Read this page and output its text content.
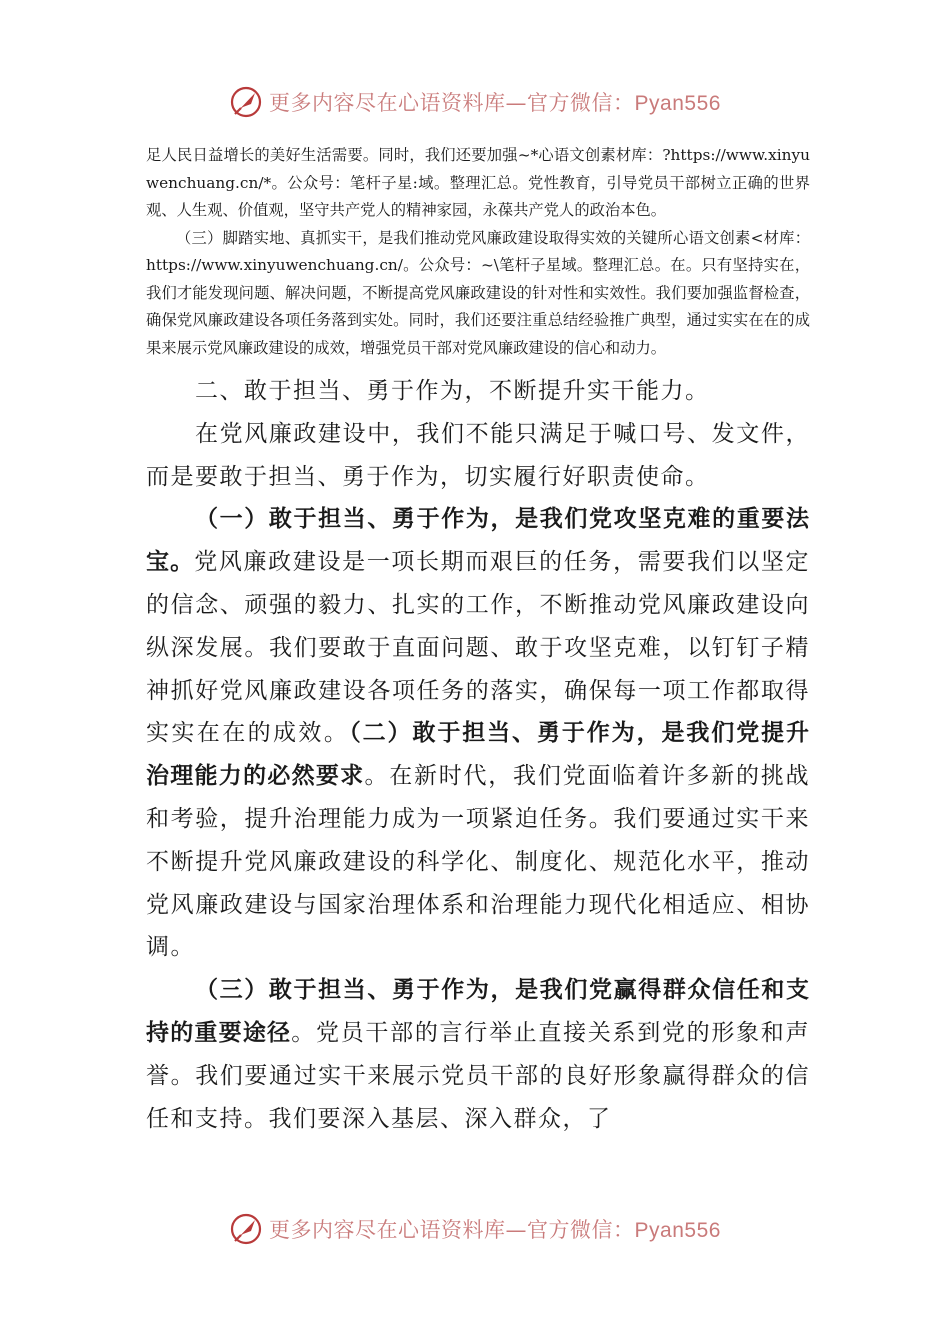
更多内容尽在心语资料库—官方微信：Pyan556

足人民日益增长的美好生活需要。同时，我们还要加强~*心语文创素材库：?https://www.xinyuwenchuang.cn/*。公众号：笔杆子星:域。整理汇总。党性教育，引导党员干部树立正确的世界观、人生观、价值观，坚守共产党人的精神家园，永葆共产党人的政治本色。

（三）脚踏实地、真抓实干，是我们推动党风廉政建设取得实效的关键所心语文创素<材库：https://www.xinyuwenchuang.cn/。公众号：~\笔杆子星域。整理汇总。在。只有坚持实在，我们才能发现问题、解决问题，不断提高党风廉政建设的针对性和实效性。我们要加强监督检查，确保党风廉政建设各项任务落到实处。同时，我们还要注重总结经验推广典型，通过实实在在的成果来展示党风廉政建设的成效，增强党员干部对党风廉政建设的信心和动力。

二、敢于担当、勇于作为，不断提升实干能力。

在党风廉政建设中，我们不能只满足于喊口号、发文件，而是要敢于担当、勇于作为，切实履行好职责使命。

（一）敢于担当、勇于作为，是我们党攻坚克难的重要法宝。党风廉政建设是一项长期而艰巨的任务，需要我们以坚定的信念、顽强的毅力、扎实的工作，不断推动党风廉政建设向纵深发展。我们要敢于直面问题、敢于攻坚克难，以钉钉子精神抓好党风廉政建设各项任务的落实，确保每一项工作都取得实实在在的成效。（二）敢于担当、勇于作为，是我们党提升治理能力的必然要求。在新时代，我们党面临着许多新的挑战和考验，提升治理能力成为一项紧迫任务。我们要通过实干来不断提升党风廉政建设的科学化、制度化、规范化水平，推动党风廉政建设与国家治理体系和治理能力现代化相适应、相协调。

（三）敢于担当、勇于作为，是我们党赢得群众信任和支持的重要途径。党员干部的言行举止直接关系到党的形象和声誉。我们要通过实干来展示党员干部的良好形象赢得群众的信任和支持。我们要深入基层、深入群众，了

更多内容尽在心语资料库—官方微信：Pyan556
